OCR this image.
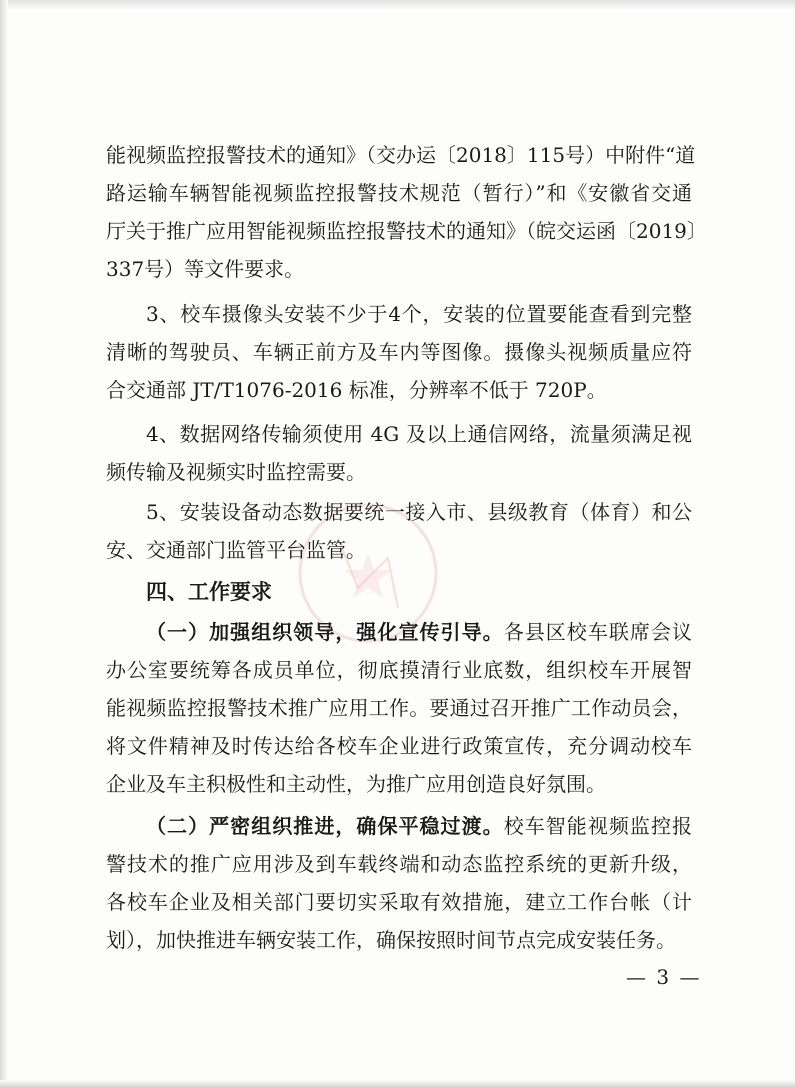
能视频监控报警技术的通知》（交办运〔2018〕115号）中附件“道
路运输车辆智能视频监控报警技术规范（暂行）”和《安徽省交通
厅关于推广应用智能视频监控报警技术的通知》（皖交运函〔2019〕
337号）等文件要求。
3、校车摄像头安装不少于4个，安装的位置要能查看到完整
清晰的驾驶员、车辆正前方及车内等图像。摄像头视频质量应符
合交通部 JT/T1076-2016 标准，分辨率不低于 720P。
4、数据网络传输须使用 4G 及以上通信网络，流量须满足视
频传输及视频实时监控需要。
5、安装设备动态数据要统一接入市、县级教育（体育）和公
安、交通部门监管平台监管。
四、工作要求
（一）加强组织领导，强化宣传引导。各县区校车联席会议
办公室要统筹各成员单位，彻底摸清行业底数，组织校车开展智
能视频监控报警技术推广应用工作。要通过召开推广工作动员会，
将文件精神及时传达给各校车企业进行政策宣传，充分调动校车
企业及车主积极性和主动性，为推广应用创造良好氛围。
（二）严密组织推进，确保平稳过渡。校车智能视频监控报
警技术的推广应用涉及到车载终端和动态监控系统的更新升级，
各校车企业及相关部门要切实采取有效措施，建立工作台帐（计
划），加快推进车辆安装工作，确保按照时间节点完成安装任务。
— 3 —
